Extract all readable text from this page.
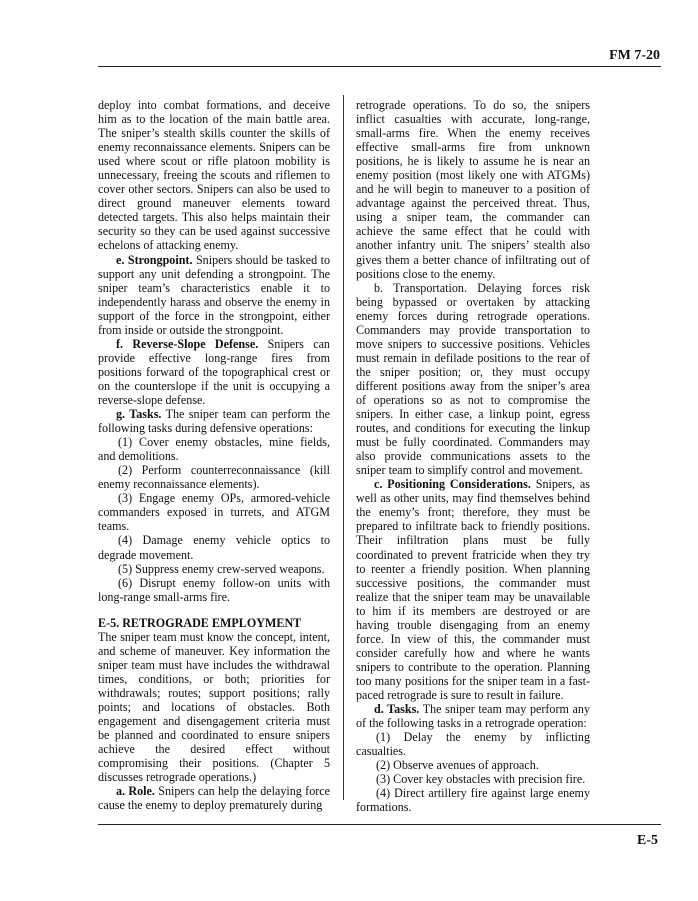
FM 7-20

deploy into combat formations, and deceive him as to the location of the main battle area. The sniper’s stealth skills counter the skills of enemy reconnaissance elements. Snipers can be used where scout or rifle platoon mobility is unnecessary, freeing the scouts and riflemen to cover other sectors. Snipers can also be used to direct ground maneuver elements toward detected targets. This also helps maintain their security so they can be used against successive echelons of attacking enemy.

e. Strongpoint. Snipers should be tasked to support any unit defending a strongpoint. The sniper team’s characteristics enable it to independently harass and observe the enemy in support of the force in the strongpoint, either from inside or outside the strongpoint.

f. Reverse-Slope Defense. Snipers can provide effective long-range fires from positions forward of the topographical crest or on the counterslope if the unit is occupying a reverse-slope defense.

g. Tasks. The sniper team can perform the following tasks during defensive operations:

(1) Cover enemy obstacles, mine fields, and demolitions.

(2) Perform counterreconnaissance (kill enemy reconnaissance elements).

(3) Engage enemy OPs, armored-vehicle commanders exposed in turrets, and ATGM teams.

(4) Damage enemy vehicle optics to degrade movement.

(5) Suppress enemy crew-served weapons.

(6) Disrupt enemy follow-on units with long-range small-arms fire.

E-5. RETROGRADE EMPLOYMENT

The sniper team must know the concept, intent, and scheme of maneuver. Key information the sniper team must have includes the withdrawal times, conditions, or both; priorities for withdrawals; routes; support positions; rally points; and locations of obstacles. Both engagement and disengagement criteria must be planned and coordinated to ensure snipers achieve the desired effect without compromising their positions. (Chapter 5 discusses retrograde operations.)

a. Role. Snipers can help the delaying force cause the enemy to deploy prematurely during

retrograde operations. To do so, the snipers inflict casualties with accurate, long-range, small-arms fire. When the enemy receives effective small-arms fire from unknown positions, he is likely to assume he is near an enemy position (most likely one with ATGMs) and he will begin to maneuver to a position of advantage against the perceived threat. Thus, using a sniper team, the commander can achieve the same effect that he could with another infantry unit. The snipers’ stealth also gives them a better chance of infiltrating out of positions close to the enemy.

b. Transportation. Delaying forces risk being bypassed or overtaken by attacking enemy forces during retrograde operations. Commanders may provide transportation to move snipers to successive positions. Vehicles must remain in defilade positions to the rear of the sniper position; or, they must occupy different positions away from the sniper’s area of operations so as not to compromise the snipers. In either case, a linkup point, egress routes, and conditions for executing the linkup must be fully coordinated. Commanders may also provide communications assets to the sniper team to simplify control and movement.

c. Positioning Considerations. Snipers, as well as other units, may find themselves behind the enemy’s front; therefore, they must be prepared to infiltrate back to friendly positions. Their infiltration plans must be fully coordinated to prevent fratricide when they try to reenter a friendly position. When planning successive positions, the commander must realize that the sniper team may be unavailable to him if its members are destroyed or are having trouble disengaging from an enemy force. In view of this, the commander must consider carefully how and where he wants snipers to contribute to the operation. Planning too many positions for the sniper team in a fast-paced retrograde is sure to result in failure.

d. Tasks. The sniper team may perform any of the following tasks in a retrograde operation:

(1) Delay the enemy by inflicting casualties.

(2) Observe avenues of approach.

(3) Cover key obstacles with precision fire.

(4) Direct artillery fire against large enemy formations.

E-5
